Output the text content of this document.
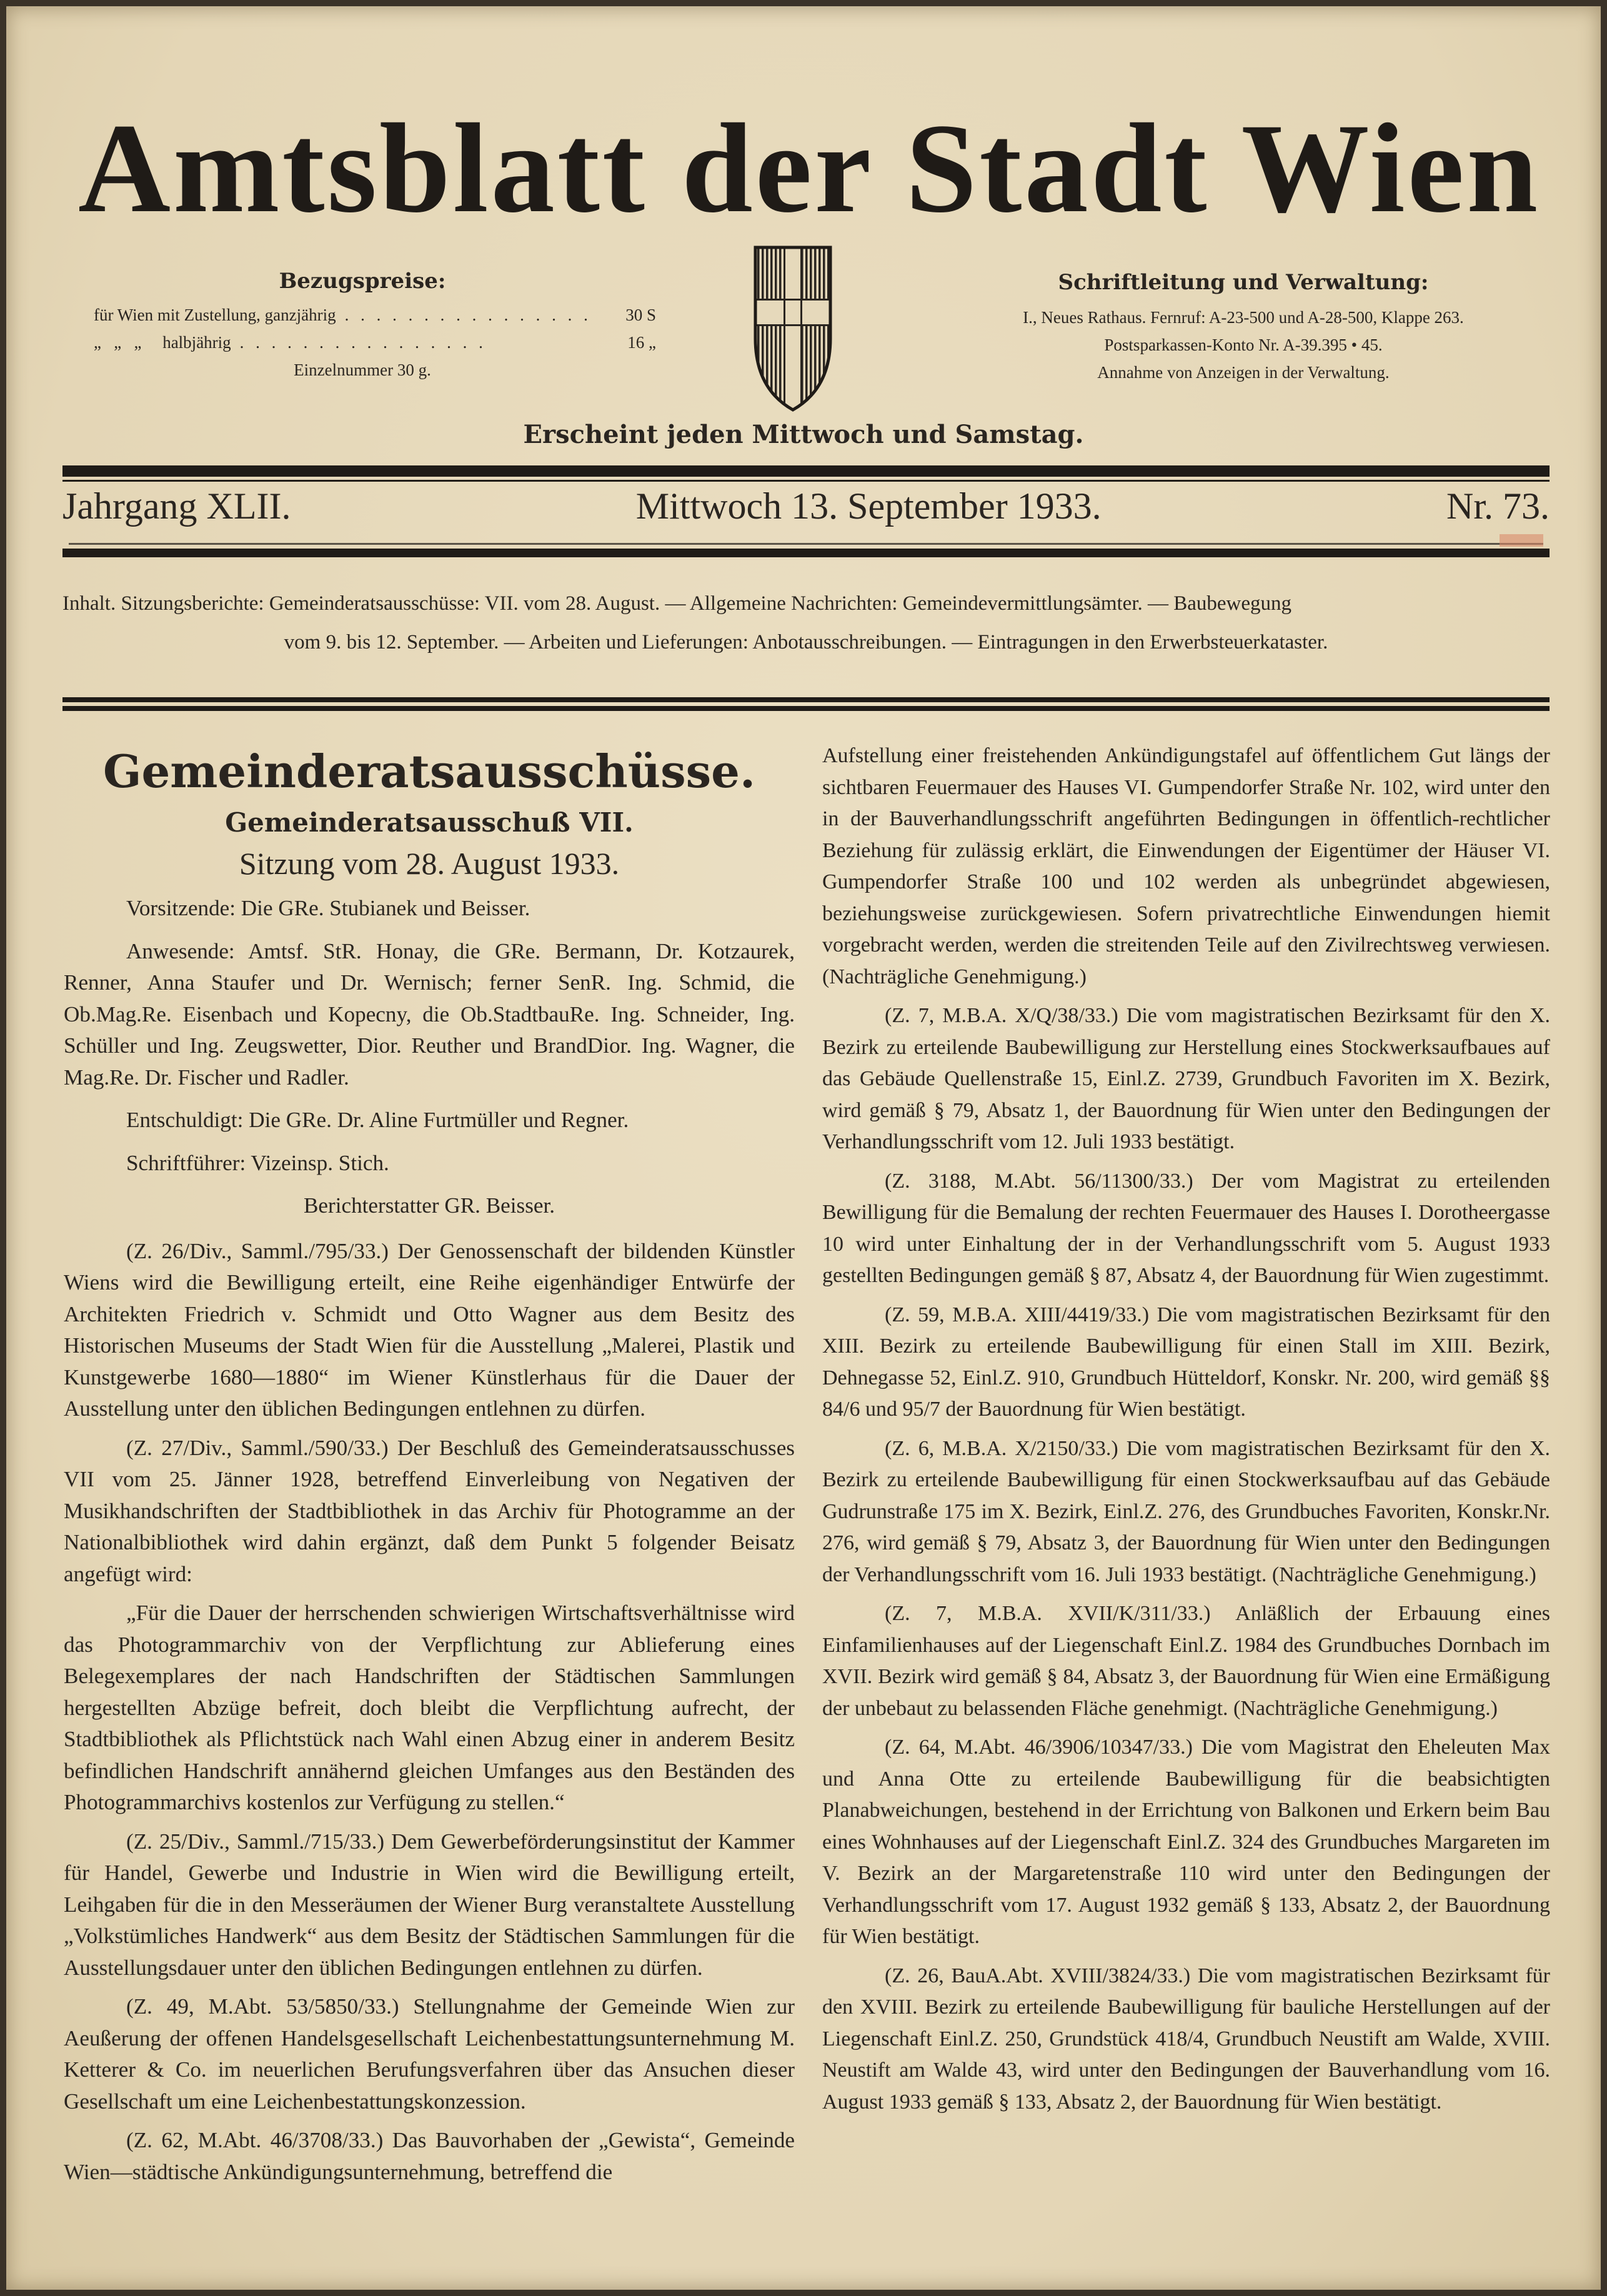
Amtsblatt der Stadt Wien
Bezugspreise:
für Wien mit Zustellung, ganzjährig . . . . . . . . . . . . . . . .	30 S
„   „   „     halbjährig . . . . . . . . . . . . . . . .	16 „
Einzelnummer 30 g.
Schriftleitung und Verwaltung:
I., Neues Rathaus. Fernruf: A-23-500 und A-28-500, Klappe 263.
Postsparkassen-Konto Nr. A-39.395 • 45.
Annahme von Anzeigen in der Verwaltung.
Erscheint jeden Mittwoch und Samstag.
Jahrgang XLII.	Mittwoch 13. September 1933.	Nr. 73.
Inhalt. Sitzungsberichte: Gemeinderatsausschüsse: VII. vom 28. August. — Allgemeine Nachrichten: Gemeindevermittlungsämter. — Baubewegung
vom 9. bis 12. September. — Arbeiten und Lieferungen: Anbotausschreibungen. — Eintragungen in den Erwerbsteuerkataster.
Gemeinderatsausschüsse.
Gemeinderatsausschuß VII.
Sitzung vom 28. August 1933.

Vorsitzende: Die GRe. Stubianek und Beisser.

Anwesende: Amtsf. StR. Honay, die GRe. Bermann, Dr. Kotzaurek, Renner, Anna Staufer und Dr. Wernisch; ferner SenR. Ing. Schmid, die Ob.Mag.Re. Eisenbach und Kopecny, die Ob.StadtbauRe. Ing. Schneider, Ing. Schüller und Ing. Zeugswetter, Dior. Reuther und BrandDior. Ing. Wagner, die Mag.Re. Dr. Fischer und Radler.

Entschuldigt: Die GRe. Dr. Aline Furtmüller und Regner.

Schriftführer: Vizeinsp. Stich.

Berichterstatter GR. Beisser.

(Z. 26/Div., Samml./795/33.) Der Genossenschaft der bildenden Künstler Wiens wird die Bewilligung erteilt, eine Reihe eigenhändiger Entwürfe der Architekten Friedrich v. Schmidt und Otto Wagner aus dem Besitz des Historischen Museums der Stadt Wien für die Ausstellung „Malerei, Plastik und Kunstgewerbe 1680—1880“ im Wiener Künstlerhaus für die Dauer der Ausstellung unter den üblichen Bedingungen entlehnen zu dürfen.

(Z. 27/Div., Samml./590/33.) Der Beschluß des Gemeinderatsausschusses VII vom 25. Jänner 1928, betreffend Einverleibung von Negativen der Musikhandschriften der Stadtbibliothek in das Archiv für Photogramme an der Nationalbibliothek wird dahin ergänzt, daß dem Punkt 5 folgender Beisatz angefügt wird:

„Für die Dauer der herrschenden schwierigen Wirtschaftsverhältnisse wird das Photogrammarchiv von der Verpflichtung zur Ablieferung eines Belegexemplares der nach Handschriften der Städtischen Sammlungen hergestellten Abzüge befreit, doch bleibt die Verpflichtung aufrecht, der Stadtbibliothek als Pflichtstück nach Wahl einen Abzug einer in anderem Besitz befindlichen Handschrift annähernd gleichen Umfanges aus den Beständen des Photogrammarchivs kostenlos zur Verfügung zu stellen.“

(Z. 25/Div., Samml./715/33.) Dem Gewerbeförderungsinstitut der Kammer für Handel, Gewerbe und Industrie in Wien wird die Bewilligung erteilt, Leihgaben für die in den Messeräumen der Wiener Burg veranstaltete Ausstellung „Volkstümliches Handwerk“ aus dem Besitz der Städtischen Sammlungen für die Ausstellungsdauer unter den üblichen Bedingungen entlehnen zu dürfen.

(Z. 49, M.Abt. 53/5850/33.) Stellungnahme der Gemeinde Wien zur Aeußerung der offenen Handelsgesellschaft Leichenbestattungsunternehmung M. Ketterer & Co. im neuerlichen Berufungsverfahren über das Ansuchen dieser Gesellschaft um eine Leichenbestattungskonzession.

(Z. 62, M.Abt. 46/3708/33.) Das Bauvorhaben der „Gewista“, Gemeinde Wien—städtische Ankündigungsunternehmung, betreffend die

Aufstellung einer freistehenden Ankündigungstafel auf öffentlichem Gut längs der sichtbaren Feuermauer des Hauses VI. Gumpendorfer Straße Nr. 102, wird unter den in der Bauverhandlungsschrift angeführten Bedingungen in öffentlich-rechtlicher Beziehung für zulässig erklärt, die Einwendungen der Eigentümer der Häuser VI. Gumpendorfer Straße 100 und 102 werden als unbegründet abgewiesen, beziehungsweise zurückgewiesen. Sofern privatrechtliche Einwendungen hiemit vorgebracht werden, werden die streitenden Teile auf den Zivilrechtsweg verwiesen. (Nachträgliche Genehmigung.)

(Z. 7, M.B.A. X/Q/38/33.) Die vom magistratischen Bezirksamt für den X. Bezirk zu erteilende Baubewilligung zur Herstellung eines Stockwerksaufbaues auf das Gebäude Quellenstraße 15, Einl.Z. 2739, Grundbuch Favoriten im X. Bezirk, wird gemäß § 79, Absatz 1, der Bauordnung für Wien unter den Bedingungen der Verhandlungsschrift vom 12. Juli 1933 bestätigt.

(Z. 3188, M.Abt. 56/11300/33.) Der vom Magistrat zu erteilenden Bewilligung für die Bemalung der rechten Feuermauer des Hauses I. Dorotheergasse 10 wird unter Einhaltung der in der Verhandlungsschrift vom 5. August 1933 gestellten Bedingungen gemäß § 87, Absatz 4, der Bauordnung für Wien zugestimmt.

(Z. 59, M.B.A. XIII/4419/33.) Die vom magistratischen Bezirksamt für den XIII. Bezirk zu erteilende Baubewilligung für einen Stall im XIII. Bezirk, Dehnegasse 52, Einl.Z. 910, Grundbuch Hütteldorf, Konskr. Nr. 200, wird gemäß §§ 84/6 und 95/7 der Bauordnung für Wien bestätigt.

(Z. 6, M.B.A. X/2150/33.) Die vom magistratischen Bezirksamt für den X. Bezirk zu erteilende Baubewilligung für einen Stockwerksaufbau auf das Gebäude Gudrunstraße 175 im X. Bezirk, Einl.Z. 276, des Grundbuches Favoriten, Konskr.Nr. 276, wird gemäß § 79, Absatz 3, der Bauordnung für Wien unter den Bedingungen der Verhandlungsschrift vom 16. Juli 1933 bestätigt. (Nachträgliche Genehmigung.)

(Z. 7, M.B.A. XVII/K/311/33.) Anläßlich der Erbauung eines Einfamilienhauses auf der Liegenschaft Einl.Z. 1984 des Grundbuches Dornbach im XVII. Bezirk wird gemäß § 84, Absatz 3, der Bauordnung für Wien eine Ermäßigung der unbebaut zu belassenden Fläche genehmigt. (Nachträgliche Genehmigung.)

(Z. 64, M.Abt. 46/3906/10347/33.) Die vom Magistrat den Eheleuten Max und Anna Otte zu erteilende Baubewilligung für die beabsichtigten Planabweichungen, bestehend in der Errichtung von Balkonen und Erkern beim Bau eines Wohnhauses auf der Liegenschaft Einl.Z. 324 des Grundbuches Margareten im V. Bezirk an der Margaretenstraße 110 wird unter den Bedingungen der Verhandlungsschrift vom 17. August 1932 gemäß § 133, Absatz 2, der Bauordnung für Wien bestätigt.

(Z. 26, BauA.Abt. XVIII/3824/33.) Die vom magistratischen Bezirksamt für den XVIII. Bezirk zu erteilende Baubewilligung für bauliche Herstellungen auf der Liegenschaft Einl.Z. 250, Grundstück 418/4, Grundbuch Neustift am Walde, XVIII. Neustift am Walde 43, wird unter den Bedingungen der Bauverhandlung vom 16. August 1933 gemäß § 133, Absatz 2, der Bauordnung für Wien bestätigt.
